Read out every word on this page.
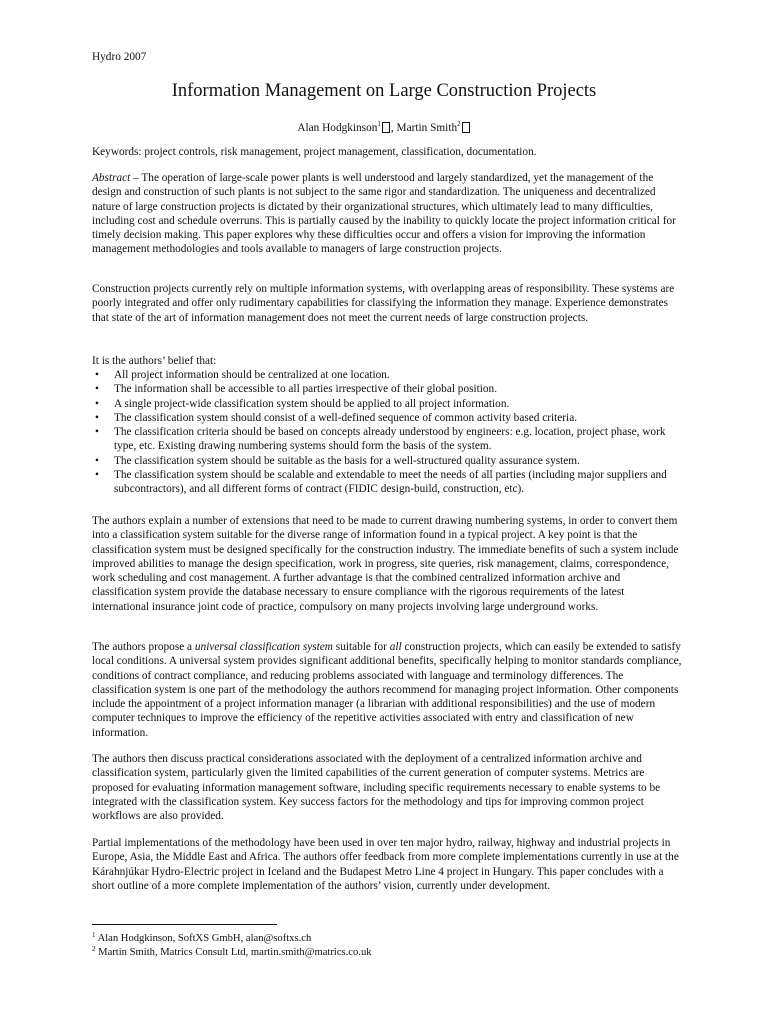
Hydro 2007
Information Management on Large Construction Projects
Alan Hodgkinson$^1$ , Martin Smith$^2$
Keywords: project controls, risk management, project management, classification, documentation.
Abstract – The operation of large-scale power plants is well understood and largely standardized, yet the management of the design and construction of such plants is not subject to the same rigor and standardization. The uniqueness and decentralized nature of large construction projects is dictated by their organizational structures, which ultimately lead to many difficulties, including cost and schedule overruns. This is partially caused by the inability to quickly locate the project information critical for timely decision making. This paper explores why these difficulties occur and offers a vision for improving the information management methodologies and tools available to managers of large construction projects.
Construction projects currently rely on multiple information systems, with overlapping areas of responsibility. These systems are poorly integrated and offer only rudimentary capabilities for classifying the information they manage. Experience demonstrates that state of the art of information management does not meet the current needs of large construction projects.
It is the authors’ belief that:
• All project information should be centralized at one location.
• The information shall be accessible to all parties irrespective of their global position.
• A single project-wide classification system should be applied to all project information.
• The classification system should consist of a well-defined sequence of common activity based criteria.
• The classification criteria should be based on concepts already understood by engineers: e.g. location, project phase, work type, etc. Existing drawing numbering systems should form the basis of the system.
• The classification system should be suitable as the basis for a well-structured quality assurance system.
• The classification system should be scalable and extendable to meet the needs of all parties (including major suppliers and subcontractors), and all different forms of contract (FIDIC design-build, construction, etc).
The authors explain a number of extensions that need to be made to current drawing numbering systems, in order to convert them into a classification system suitable for the diverse range of information found in a typical project. A key point is that the classification system must be designed specifically for the construction industry. The immediate benefits of such a system include improved abilities to manage the design specification, work in progress, site queries, risk management, claims, correspondence, work scheduling and cost management. A further advantage is that the combined centralized information archive and classification system provide the database necessary to ensure compliance with the rigorous requirements of the latest international insurance joint code of practice, compulsory on many projects involving large underground works.
The authors propose a universal classification system suitable for all construction projects, which can easily be extended to satisfy local conditions. A universal system provides significant additional benefits, specifically helping to monitor standards compliance, conditions of contract compliance, and reducing problems associated with language and terminology differences. The classification system is one part of the methodology the authors recommend for managing project information. Other components include the appointment of a project information manager (a librarian with additional responsibilities) and the use of modern computer techniques to improve the efficiency of the repetitive activities associated with entry and classification of new information.
The authors then discuss practical considerations associated with the deployment of a centralized information archive and classification system, particularly given the limited capabilities of the current generation of computer systems. Metrics are proposed for evaluating information management software, including specific requirements necessary to enable systems to be integrated with the classification system. Key success factors for the methodology and tips for improving common project workflows are also provided.
Partial implementations of the methodology have been used in over ten major hydro, railway, highway and industrial projects in Europe, Asia, the Middle East and Africa. The authors offer feedback from more complete implementations currently in use at the Kárahnjúkar Hydro-Electric project in Iceland and the Budapest Metro Line 4 project in Hungary. This paper concludes with a short outline of a more complete implementation of the authors’ vision, currently under development.
$^1$ Alan Hodgkinson, SoftXS GmbH, alan@softxs.ch
$^2$ Martin Smith, Matrics Consult Ltd, martin.smith@matrics.co.uk
